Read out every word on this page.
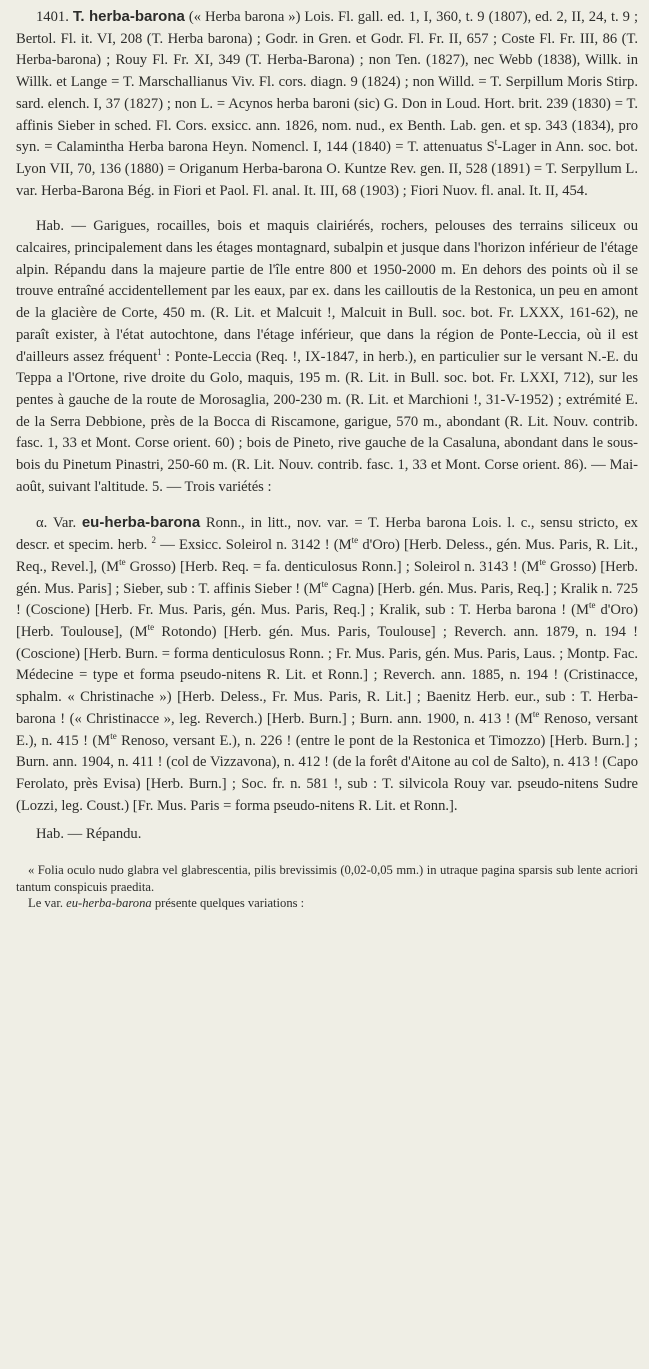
1401. T. herba-barona (« Herba barona ») Lois. Fl. gall. ed. 1, I, 360, t. 9 (1807), ed. 2, II, 24, t. 9 ; Bertol. Fl. it. VI, 208 (T. Herba barona) ; Godr. in Gren. et Godr. Fl. Fr. II, 657 ; Coste Fl. Fr. III, 86 (T. Herba-barona) ; Rouy Fl. Fr. XI, 349 (T. Herba-Barona) ; non Ten. (1827), nec Webb (1838), Willk. in Willk. et Lange = T. Marschallianus Viv. Fl. cors. diagn. 9 (1824) ; non Willd. = T. Serpillum Moris Stirp. sard. elench. I, 37 (1827) ; non L. = Acynos herba baroni (sic) G. Don in Loud. Hort. brit. 239 (1830) = T. affinis Sieber in sched. Fl. Cors. exsicc. ann. 1826, nom. nud., ex Benth. Lab. gen. et sp. 343 (1834), pro syn. = Calamintha Herba barona Heyn. Nomencl. I, 144 (1840) = T. attenuatus $S^t$-Lager in Ann. soc. bot. Lyon VII, 70, 136 (1880) = Origanum Herba-barona O. Kuntze Rev. gen. II, 528 (1891) = T. Serpyllum L. var. Herba-Barona Bég. in Fiori et Paol. Fl. anal. It. III, 68 (1903) ; Fiori Nuov. fl. anal. It. II, 454.

Hab. — Garigues, rocailles, bois et maquis clairiérés, rochers, pelouses des terrains siliceux ou calcaires, principalement dans les étages montagnard, subalpin et jusque dans l'horizon inférieur de l'étage alpin. Répandu dans la majeure partie de l'île entre 800 et 1950-2000 m. En dehors des points où il se trouve entraîné accidentellement par les eaux, par ex. dans les cailloutis de la Restonica, un peu en amont de la glacière de Corte, 450 m. (R. Lit. et Malcuit !, Malcuit in Bull. soc. bot. Fr. LXXX, 161-62), ne paraît exister, à l'état autochtone, dans l'étage inférieur, que dans la région de Ponte-Leccia, où il est d'ailleurs assez fréquent$^1$ : Ponte-Leccia (Req. !, IX-1847, in herb.), en particulier sur le versant N.-E. du Teppa a l'Ortone, rive droite du Golo, maquis, 195 m. (R. Lit. in Bull. soc. bot. Fr. LXXI, 712), sur les pentes à gauche de la route de Morosaglia, 200-230 m. (R. Lit. et Marchioni !, 31-V-1952) ; extrémité E. de la Serra Debbione, près de la Bocca di Riscamone, garigue, 570 m., abondant (R. Lit. Nouv. contrib. fasc. 1, 33 et Mont. Corse orient. 60) ; bois de Pineto, rive gauche de la Casaluna, abondant dans le sous-bois du Pinetum Pinastri, 250-60 m. (R. Lit. Nouv. contrib. fasc. 1, 33 et Mont. Corse orient. 86). — Mai-août, suivant l'altitude. 5. — Trois variétés :

α. Var. eu-herba-barona Ronn., in litt., nov. var. = T. Herba barona Lois. l. c., sensu stricto, ex descr. et specim. herb. $^2$ — Exsicc. Soleirol n. 3142 ! ($M^{te}$ d'Oro) [Herb. Deless., gén. Mus. Paris, R. Lit., Req., Revel.], ($M^{te}$ Grosso) [Herb. Req. = fa. denticulosus Ronn.] ; Soleirol n. 3143 ! ($M^{te}$ Grosso) [Herb. gén. Mus. Paris] ; Sieber, sub : T. affinis Sieber ! ($M^{te}$ Cagna) [Herb. gén. Mus. Paris, Req.] ; Kralik n. 725 ! (Coscione) [Herb. Fr. Mus. Paris, gén. Mus. Paris, Req.] ; Kralik, sub : T. Herba barona ! ($M^{te}$ d'Oro) [Herb. Toulouse], ($M^{te}$ Rotondo) [Herb. gén. Mus. Paris, Toulouse] ; Reverch. ann. 1879, n. 194 ! (Coscione) [Herb. Burn. = forma denticulosus Ronn. ; Fr. Mus. Paris, gén. Mus. Paris, Laus. ; Montp. Fac. Médecine = type et forma pseudo-nitens R. Lit. et Ronn.] ; Reverch. ann. 1885, n. 194 ! (Cristinacce, sphalm. « Christinache ») [Herb. Deless., Fr. Mus. Paris, R. Lit.] ; Baenitz Herb. eur., sub : T. Herba-barona ! (« Christinacce », leg. Reverch.) [Herb. Burn.] ; Burn. ann. 1900, n. 413 ! ($M^{te}$ Renoso, versant E.), n. 415 ! ($M^{te}$ Renoso, versant E.), n. 226 ! (entre le pont de la Restonica et Timozzo) [Herb. Burn.] ; Burn. ann. 1904, n. 411 ! (col de Vizzavona), n. 412 ! (de la forêt d'Aitone au col de Salto), n. 413 ! (Capo Ferolato, près Evisa) [Herb. Burn.] ; Soc. fr. n. 581 !, sub : T. silvicola Rouy var. pseudo-nitens Sudre (Lozzi, leg. Coust.) [Fr. Mus. Paris = forma pseudo-nitens R. Lit. et Ronn.].

Hab. — Répandu.

« Folia oculo nudo glabra vel glabrescentia, pilis brevissimis (0,02-0,05 mm.) in utraque pagina sparsis sub lente acriori tantum conspicuis praedita.

Le var. eu-herba-barona présente quelques variations :
